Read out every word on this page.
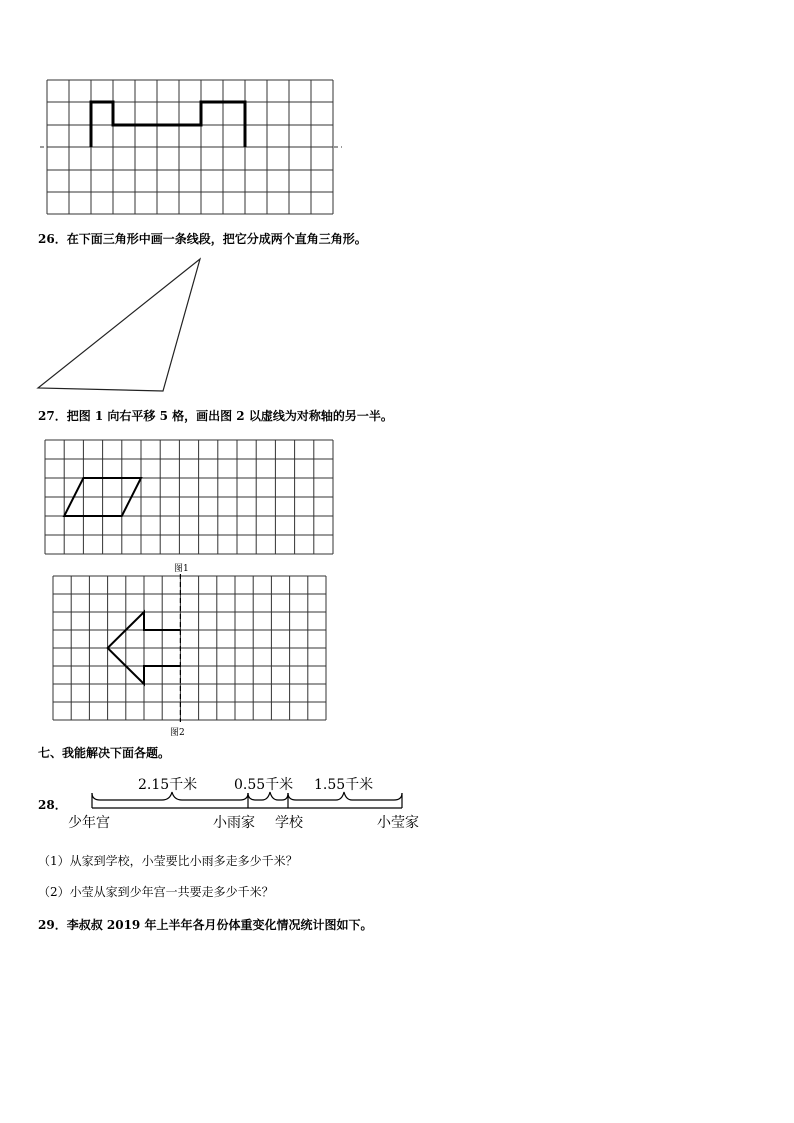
26．在下面三角形中画一条线段，把它分成两个直角三角形。
27．把图 1 向右平移 5 格，画出图 2 以虚线为对称轴的另一半。
图1
图2
七、我能解决下面各题。
28．
2.15千米	0.55千米 1.55千米
少年宫	小雨家 学校	小莹家
（1）从家到学校，小莹要比小雨多走多少千米？
（2）小莹从家到少年宫一共要走多少千米？
29．李叔叔 2019 年上半年各月份体重变化情况统计图如下。
